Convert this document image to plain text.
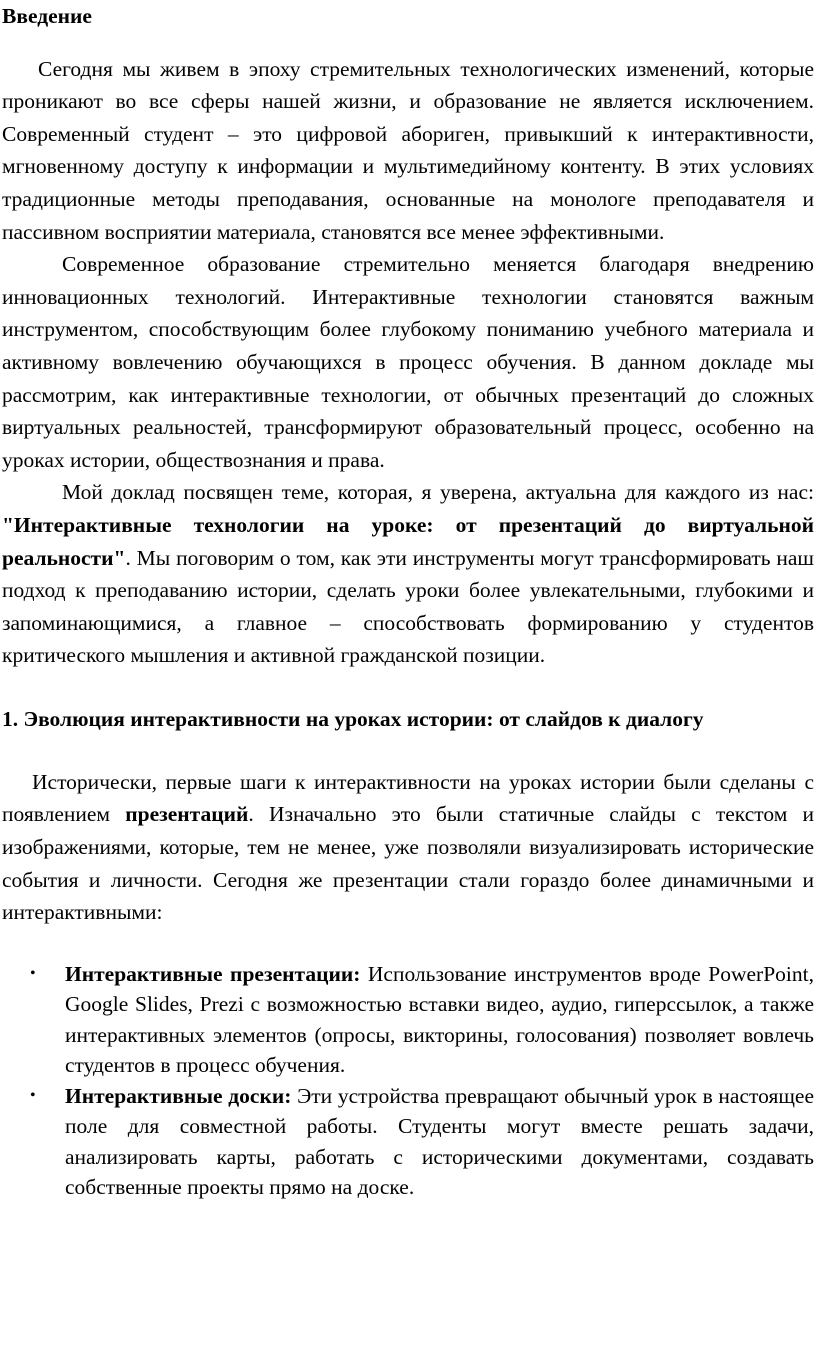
Введение

Сегодня мы живем в эпоху стремительных технологических изменений, которые проникают во все сферы нашей жизни, и образование не является исключением. Современный студент – это цифровой абориген, привыкший к интерактивности, мгновенному доступу к информации и мультимедийному контенту. В этих условиях традиционные методы преподавания, основанные на монологе преподавателя и пассивном восприятии материала, становятся все менее эффективными.

Современное образование стремительно меняется благодаря внедрению инновационных технологий. Интерактивные технологии становятся важным инструментом, способствующим более глубокому пониманию учебного материала и активному вовлечению обучающихся в процесс обучения. В данном докладе мы рассмотрим, как интерактивные технологии, от обычных презентаций до сложных виртуальных реальностей, трансформируют образовательный процесс, особенно на уроках истории, обществознания и права.

Мой доклад посвящен теме, которая, я уверена, актуальна для каждого из нас: "Интерактивные технологии на уроке: от презентаций до виртуальной реальности". Мы поговорим о том, как эти инструменты могут трансформировать наш подход к преподаванию истории, сделать уроки более увлекательными, глубокими и запоминающимися, а главное – способствовать формированию у студентов критического мышления и активной гражданской позиции.

1. Эволюция интерактивности на уроках истории: от слайдов к диалогу

Исторически, первые шаги к интерактивности на уроках истории были сделаны с появлением презентаций. Изначально это были статичные слайды с текстом и изображениями, которые, тем не менее, уже позволяли визуализировать исторические события и личности. Сегодня же презентации стали гораздо более динамичными и интерактивными:

• Интерактивные презентации: Использование инструментов вроде PowerPoint, Google Slides, Prezi с возможностью вставки видео, аудио, гиперссылок, а также интерактивных элементов (опросы, викторины, голосования) позволяет вовлечь студентов в процесс обучения.
• Интерактивные доски: Эти устройства превращают обычный урок в настоящее поле для совместной работы. Студенты могут вместе решать задачи, анализировать карты, работать с историческими документами, создавать собственные проекты прямо на доске.
